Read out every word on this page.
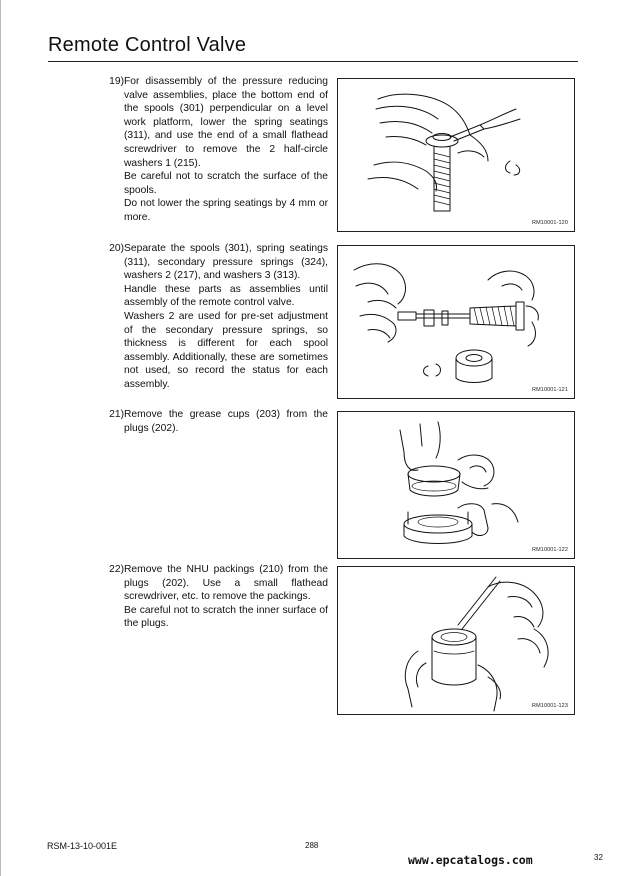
Remote Control Valve
19) For disassembly of the pressure reducing valve assemblies, place the bottom end of the spools (301) perpendicular on a level work platform, lower the spring seatings (311), and use the end of a small flathead screwdriver to remove the 2 half-circle washers 1 (215).

Be careful not to scratch the surface of the spools.

Do not lower the spring seatings by 4 mm or more.

20) Separate the spools (301), spring seatings (311), secondary pressure springs (324), washers 2 (217), and washers 3 (313).

Handle these parts as assemblies until assembly of the remote control valve.

Washers 2 are used for pre-set adjustment of the secondary pressure springs, so thickness is different for each spool assembly. Additionally, these are sometimes not used, so record the status for each assembly.

21) Remove the grease cups (203) from the plugs (202).

22) Remove the NHU packings (210) from the plugs (202). Use a small flathead screwdriver, etc. to remove the packings.

Be careful not to scratch the inner surface of the plugs.

RM10001-120
RM10001-121
RM10001-122
RM10001-123
RSM-13-10-001E	288
www.epcatalogs.com	32
